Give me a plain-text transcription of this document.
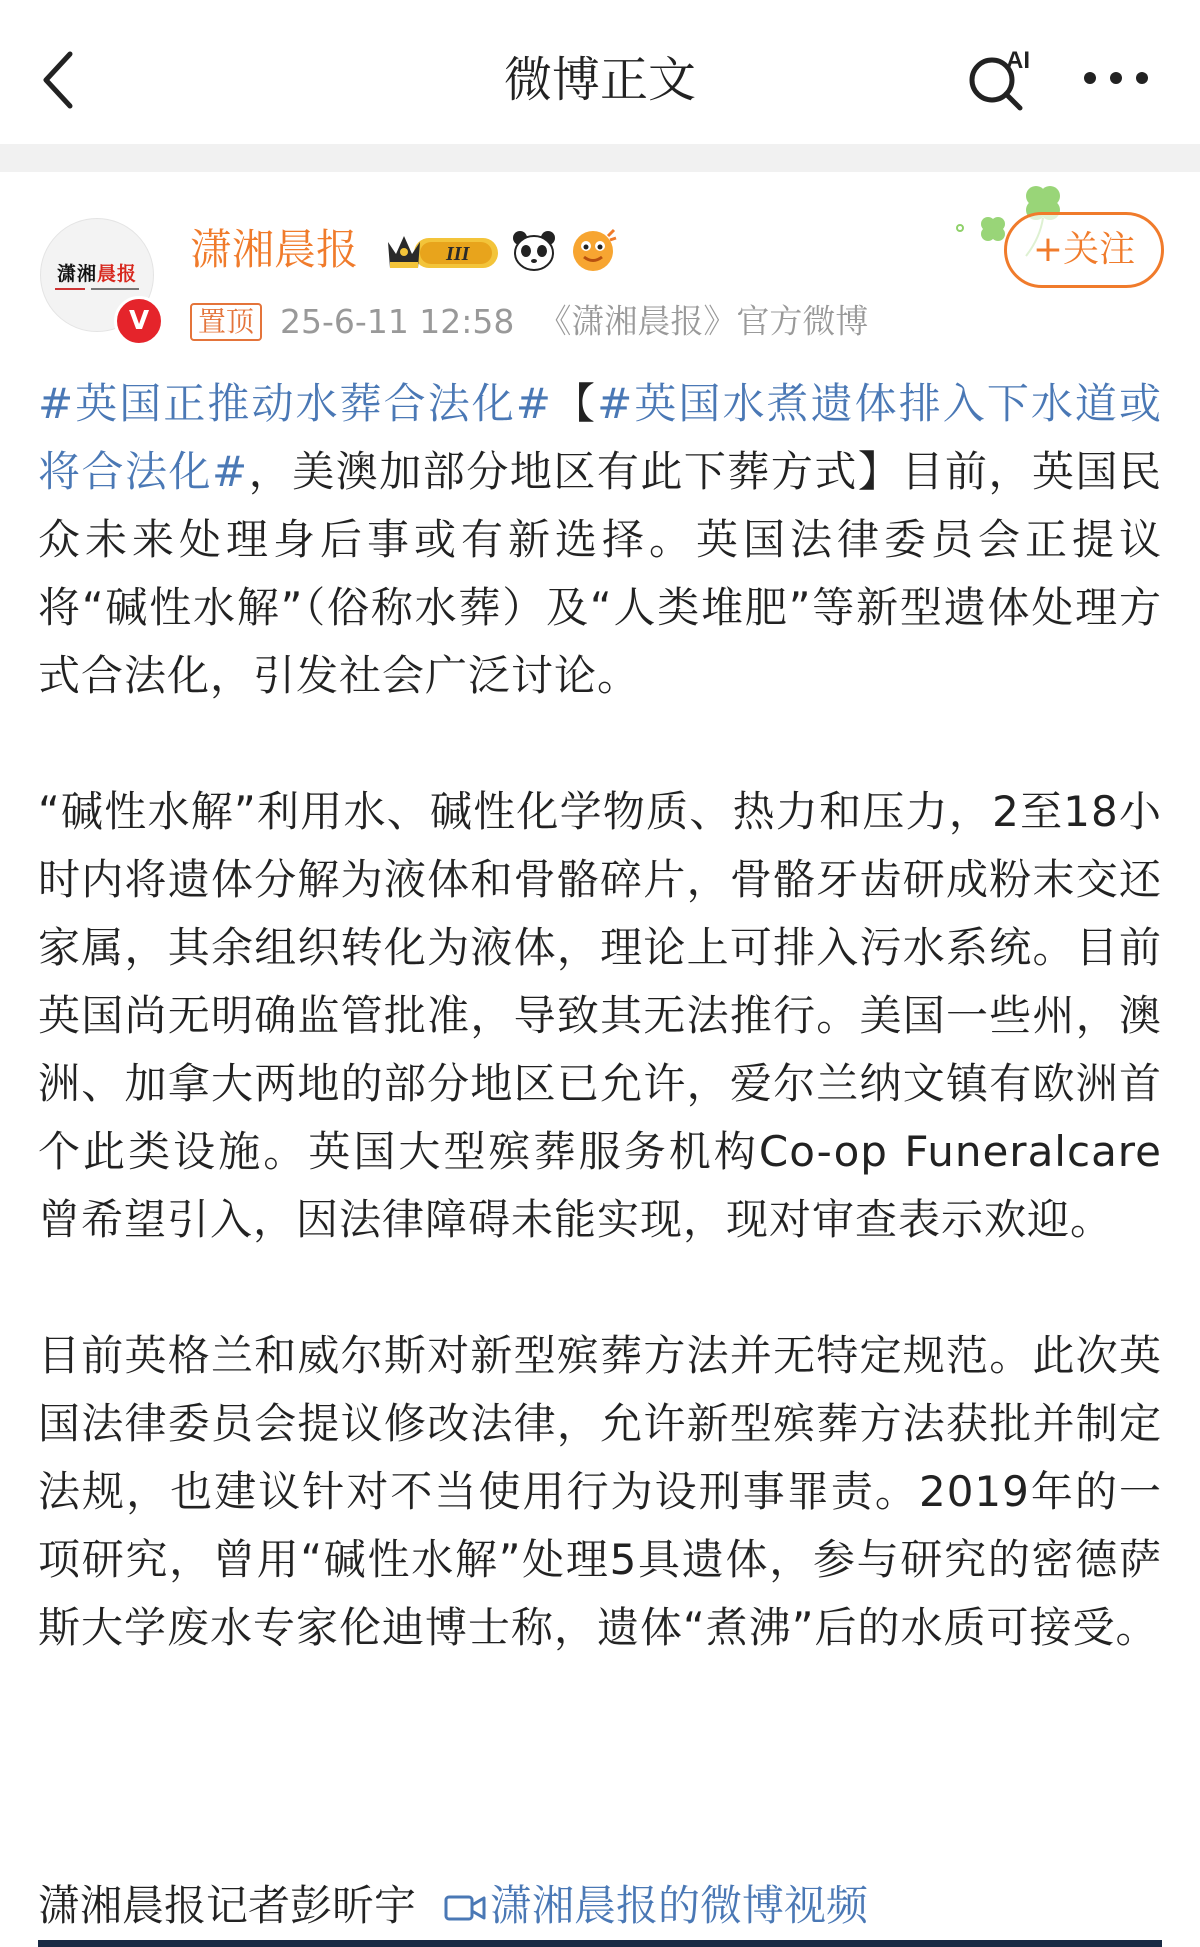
微博正文	AI
潇湘晨报
V
潇湘晨报	III	+关注
置顶 25-6-11 12:58 《潇湘晨报》官方微博

#英国正推动水葬合法化#【#英国水煮遗体排入下水道或将合法化#，美澳加部分地区有此下葬方式】目前，英国民众未来处理身后事或有新选择。英国法律委员会正提议将“碱性水解”（俗称水葬）及“人类堆肥”等新型遗体处理方式合法化，引发社会广泛讨论。

“碱性水解”利用水、碱性化学物质、热力和压力，2至18小时内将遗体分解为液体和骨骼碎片，骨骼牙齿研成粉末交还家属，其余组织转化为液体，理论上可排入污水系统。目前英国尚无明确监管批准，导致其无法推行。美国一些州，澳洲、加拿大两地的部分地区已允许，爱尔兰纳文镇有欧洲首个此类设施。英国大型殡葬服务机构Co-op Funeralcare曾希望引入，因法律障碍未能实现，现对审查表示欢迎。

目前英格兰和威尔斯对新型殡葬方法并无特定规范。此次英国法律委员会提议修改法律，允许新型殡葬方法获批并制定法规，也建议针对不当使用行为设刑事罪责。2019年的一项研究，曾用“碱性水解”处理5具遗体，参与研究的密德萨斯大学废水专家伦迪博士称，遗体“煮沸”后的水质可接受。

潇湘晨报记者彭昕宇 潇湘晨报的微博视频
